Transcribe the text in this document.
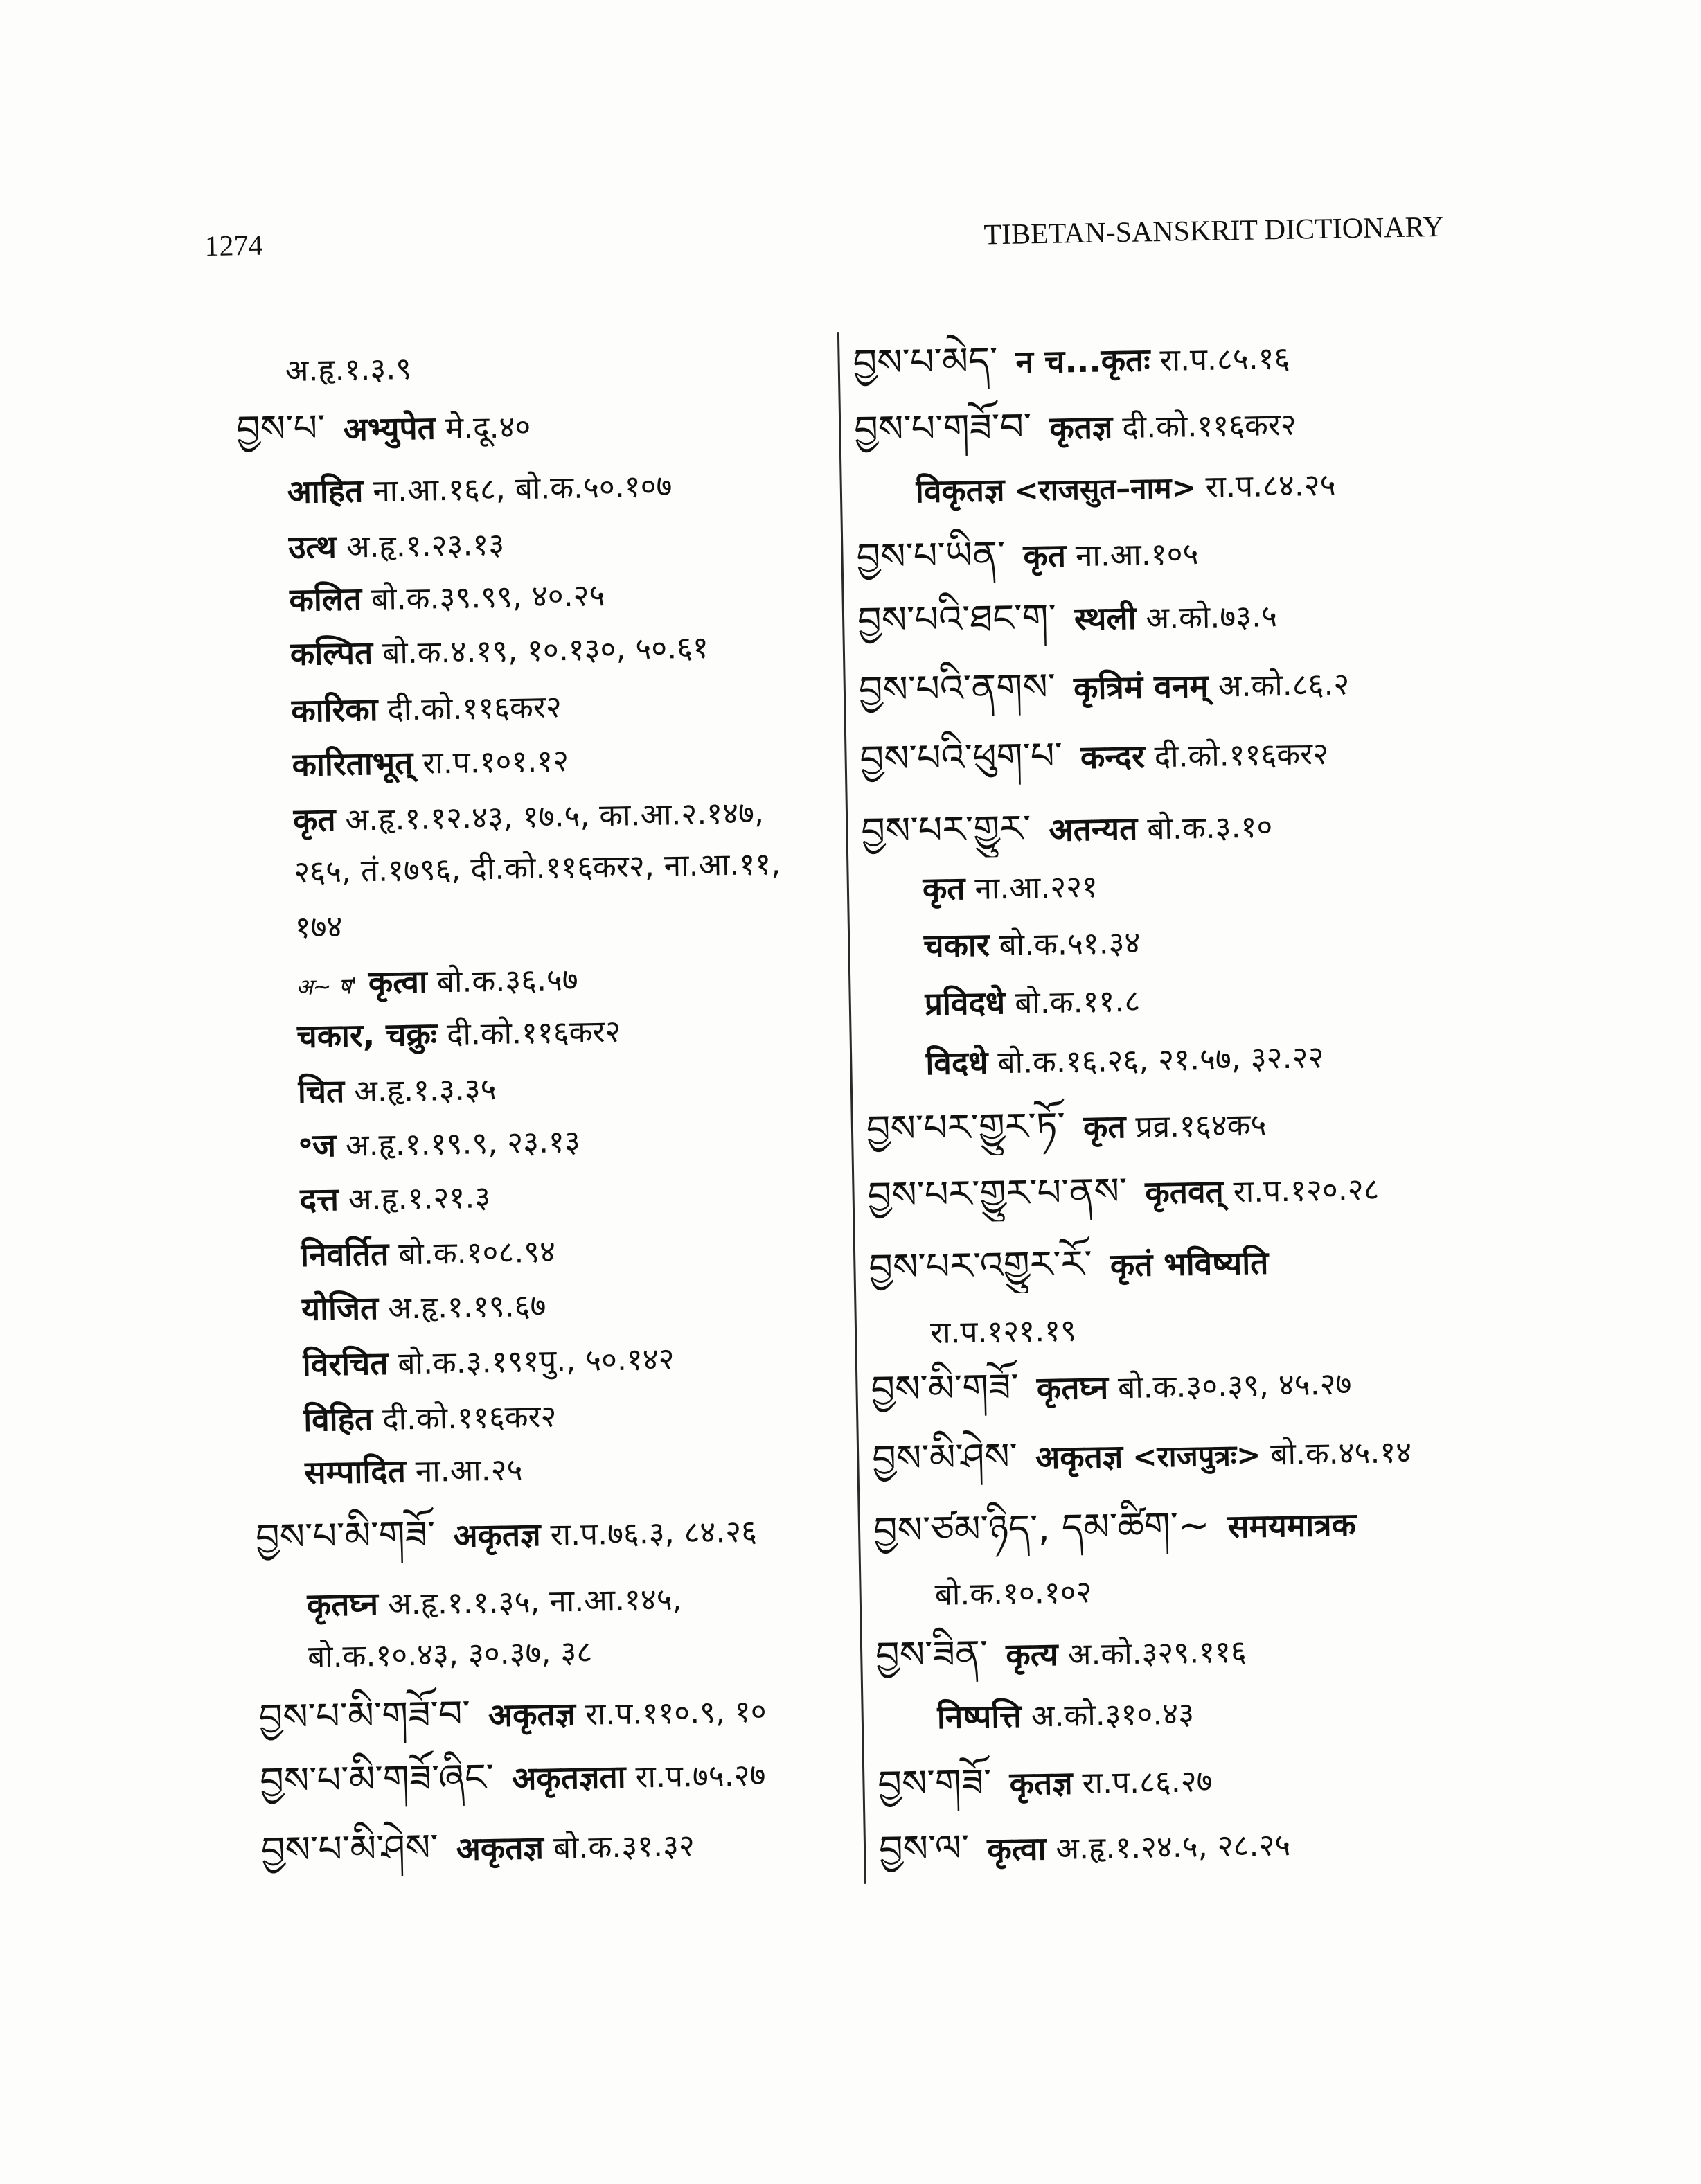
1274	TIBETAN-SANSKRIT DICTIONARY
अ.हृ.१.३.९
བྱས་པ་ अभ्युपेत मे.दू.४०
आहित ना.आ.१६८, बो.क.५०.१०७
उत्थ अ.हृ.१.२३.१३
कलित बो.क.३९.९९, ४०.२५
कल्पित बो.क.४.१९, १०.१३०, ५०.६१
कारिका दी.को.११६कर२
कारिताभूत् रा.प.१०१.१२
कृत अ.हृ.१.१२.४३, १७.५, का.आ.२.१४७,
२६५, तं.१७९६, दी.को.११६कर२, ना.आ.११,
१७४
अ~ ष' कृत्वा बो.क.३६.५७
चकार, चक्रुः दी.को.११६कर२
चित अ.हृ.१.३.३५
॰ज अ.हृ.१.१९.९, २३.१३
दत्त अ.हृ.१.२१.३
निवर्तित बो.क.१०८.९४
योजित अ.हृ.१.१९.६७
विरचित बो.क.३.१९१पु., ५०.१४२
विहित दी.को.११६कर२
सम्पादित ना.आ.२५
བྱས་པ་མི་གཟོ་ अकृतज्ञ रा.प.७६.३, ८४.२६
कृतघ्न अ.हृ.१.१.३५, ना.आ.१४५,
बो.क.१०.४३, ३०.३७, ३८
བྱས་པ་མི་གཟོ་བ་ अकृतज्ञ रा.प.११०.९, १०
བྱས་པ་མི་གཟོ་ཞིང་ अकृतज्ञता रा.प.७५.२७
བྱས་པ་མི་ཤེས་ अकृतज्ञ बो.क.३१.३२
བྱས་པ་མེད་ न च...कृतः रा.प.८५.१६
བྱས་པ་གཟོ་བ་ कृतज्ञ दी.को.११६कर२
विकृतज्ञ <राजसुत–नाम> रा.प.८४.२५
བྱས་པ་ཡིན་ कृत ना.आ.१०५
བྱས་པའི་ཐང་ག་ स्थली अ.को.७३.५
བྱས་པའི་ནགས་ कृत्रिमं वनम् अ.को.८६.२
བྱས་པའི་ཕུག་པ་ कन्दर दी.को.११६कर२
བྱས་པར་གྱུར་ अतन्यत बो.क.३.१०
कृत ना.आ.२२१
चकार बो.क.५१.३४
प्रविदधे बो.क.११.८
विदधे बो.क.१६.२६, २१.५७, ३२.२२
བྱས་པར་གྱུར་ཏོ་ कृत प्रव्र.१६४क५
བྱས་པར་གྱུར་པ་ནས་ कृतवत् रा.प.१२०.२८
བྱས་པར་འགྱུར་རོ་ कृतं भविष्यति
रा.प.१२१.१९
བྱས་མི་གཟོ་ कृतघ्न बो.क.३०.३९, ४५.२७
བྱས་མི་ཤེས་ अकृतज्ञ <राजपुत्रः> बो.क.४५.१४
བྱས་ཙམ་ཉིད་, དམ་ཚིག་~ समयमात्रक
बो.क.१०.१०२
བྱས་ཟིན་ कृत्य अ.को.३२९.११६
निष्पत्ति अ.को.३१०.४३
བྱས་གཟོ་ कृतज्ञ रा.प.८६.२७
བྱས་ལ་ कृत्वा अ.हृ.१.२४.५, २८.२५
